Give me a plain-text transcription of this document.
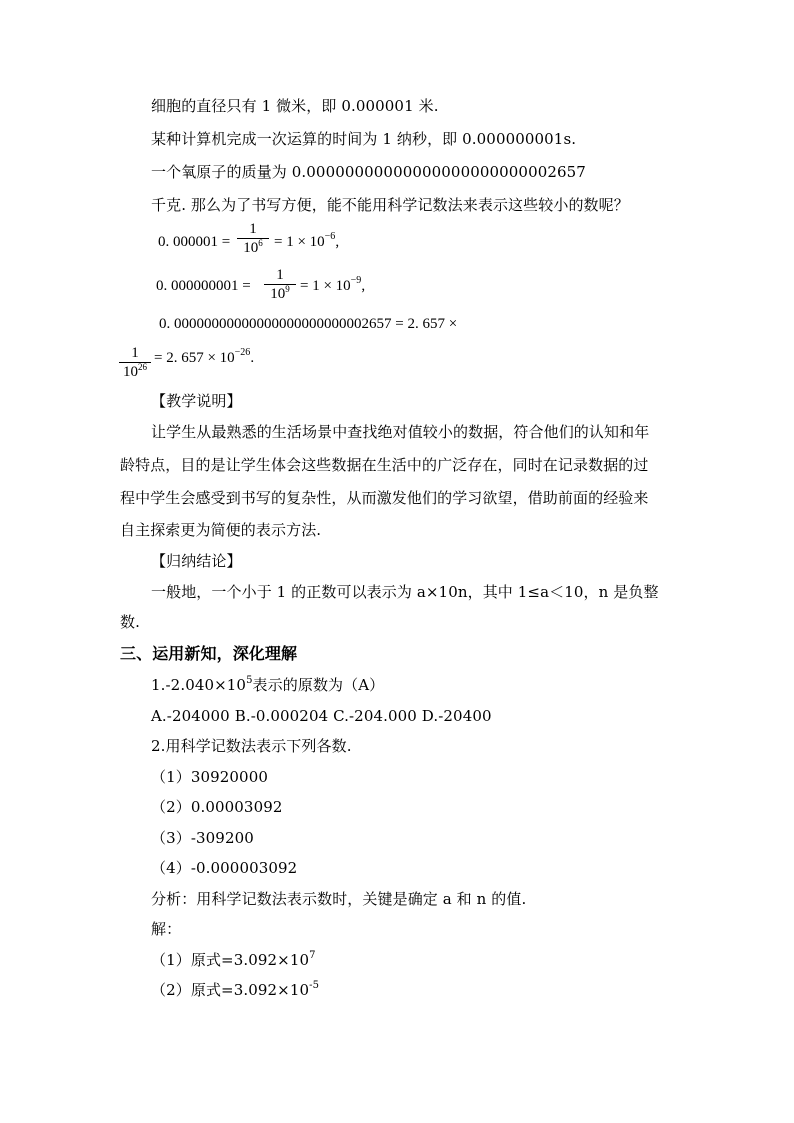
细胞的直径只有 1 微米，即 0.000001 米.
某种计算机完成一次运算的时间为 1 纳秒，即 0.000000001s.
一个氧原子的质量为 0.00000000000000000000000002657
千克. 那么为了书写方便，能不能用科学记数法来表示这些较小的数呢？
0. $000001 = \frac{1}{10^6} = 1 \times 10^{-6}$,
0. $000000001 = \frac{1}{10^9} = 1 \times 10^{-9}$,
0. 00000000000000000000000002657 = 2. 657 ×
$\frac{1}{10^{26}} = 2$. $657 \times 10^{-26}$.
【教学说明】
让学生从最熟悉的生活场景中查找绝对值较小的数据，符合他们的认知和年
龄特点，目的是让学生体会这些数据在生活中的广泛存在，同时在记录数据的过
程中学生会感受到书写的复杂性，从而激发他们的学习欲望，借助前面的经验来
自主探索更为简便的表示方法.
【归纳结论】
一般地，一个小于 1 的正数可以表示为 a×10n，其中 1≤a＜10，n 是负整
数.
三、运用新知，深化理解
$1.-2.040\times 10^5$表示的原数为（A）
A.-204000 B.-0.000204 C.-204.000 D.-20400
2.用科学记数法表示下列各数.
（1）30920000
（2）0.00003092
（3）-309200
（4）-0.000003092
分析：用科学记数法表示数时，关键是确定 a 和 n 的值.
解：
（1）原式$=3.092\times 10^7$
（2）原式$=3.092\times 10^{-5}$
